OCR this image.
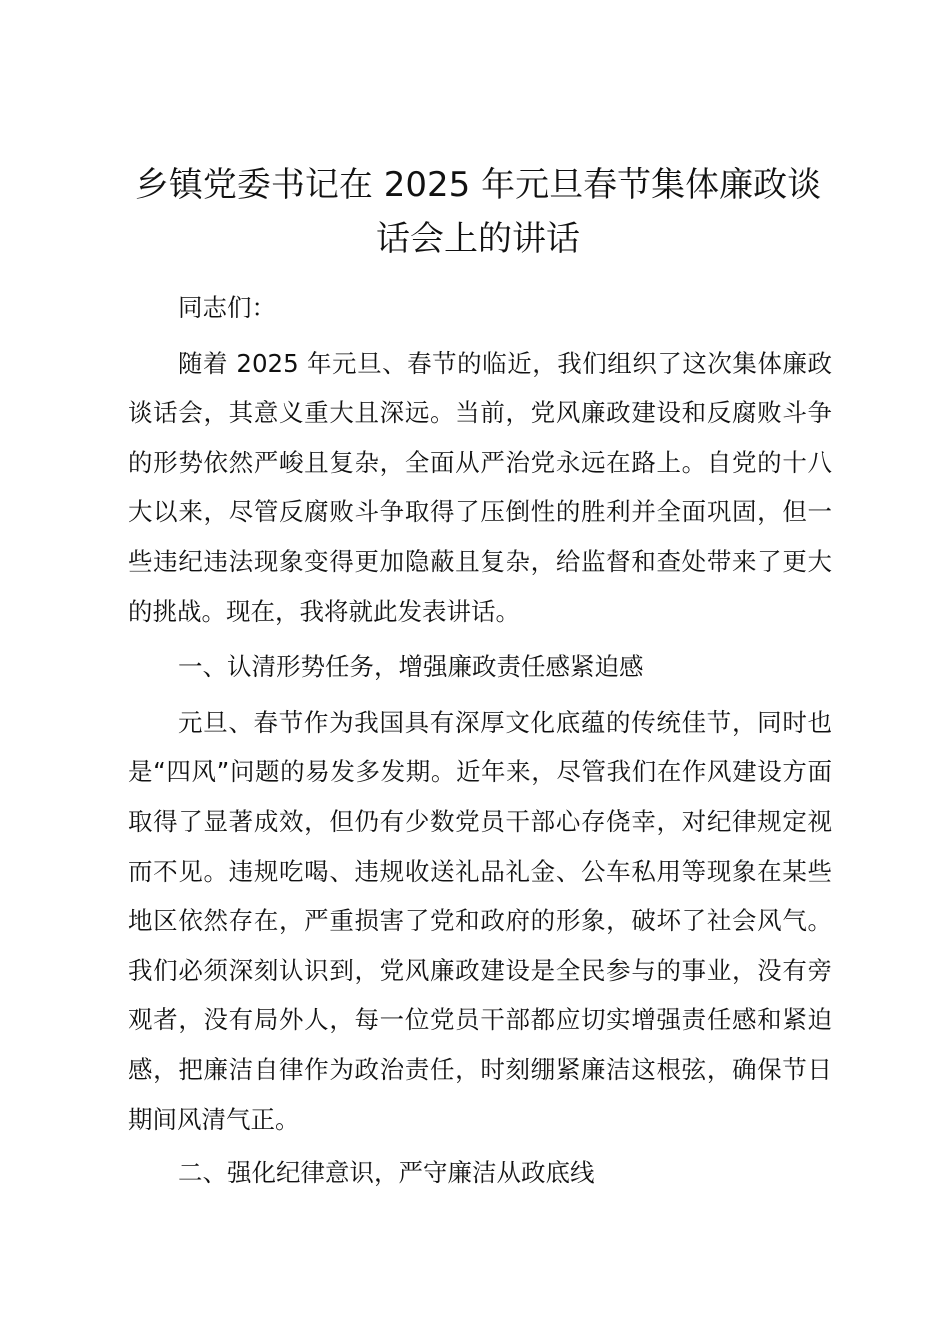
乡镇党委书记在 2025 年元旦春节集体廉政谈话会上的讲话

同志们：

随着 2025 年元旦、春节的临近，我们组织了这次集体廉政谈话会，其意义重大且深远。当前，党风廉政建设和反腐败斗争的形势依然严峻且复杂，全面从严治党永远在路上。自党的十八大以来，尽管反腐败斗争取得了压倒性的胜利并全面巩固，但一些违纪违法现象变得更加隐蔽且复杂，给监督和查处带来了更大的挑战。现在，我将就此发表讲话。

一、认清形势任务，增强廉政责任感紧迫感

元旦、春节作为我国具有深厚文化底蕴的传统佳节，同时也是“四风”问题的易发多发期。近年来，尽管我们在作风建设方面取得了显著成效，但仍有少数党员干部心存侥幸，对纪律规定视而不见。违规吃喝、违规收送礼品礼金、公车私用等现象在某些地区依然存在，严重损害了党和政府的形象，破坏了社会风气。我们必须深刻认识到，党风廉政建设是全民参与的事业，没有旁观者，没有局外人，每一位党员干部都应切实增强责任感和紧迫感，把廉洁自律作为政治责任，时刻绷紧廉洁这根弦，确保节日期间风清气正。

二、强化纪律意识，严守廉洁从政底线
